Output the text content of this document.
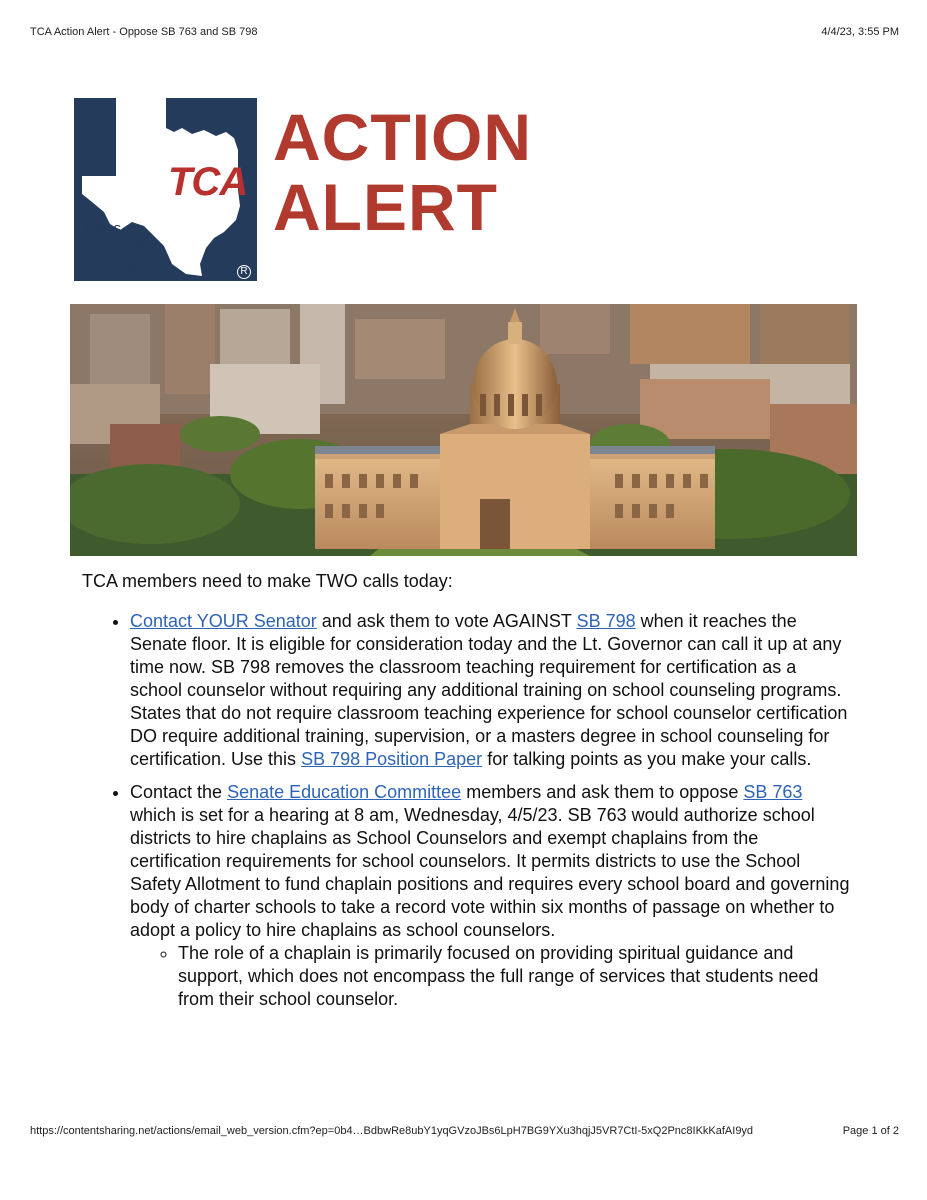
TCA Action Alert - Oppose SB 763 and SB 798	4/4/23, 3:55 PM
TCA
Texas
Counseling
Association	R
ACTION
ALERT

TCA members need to make TWO calls today:

• Contact YOUR Senator and ask them to vote AGAINST SB 798 when it reaches the Senate floor. It is eligible for consideration today and the Lt. Governor can call it up at any time now. SB 798 removes the classroom teaching requirement for certification as a school counselor without requiring any additional training on school counseling programs. States that do not require classroom teaching experience for school counselor certification DO require additional training, supervision, or a masters degree in school counseling for certification. Use this SB 798 Position Paper for talking points as you make your calls.
• Contact the Senate Education Committee members and ask them to oppose SB 763 which is set for a hearing at 8 am, Wednesday, 4/5/23. SB 763 would authorize school districts to hire chaplains as School Counselors and exempt chaplains from the certification requirements for school counselors. It permits districts to use the School Safety Allotment to fund chaplain positions and requires every school board and governing body of charter schools to take a record vote within six months of passage on whether to adopt a policy to hire chaplains as school counselors.
◦ The role of a chaplain is primarily focused on providing spiritual guidance and support, which does not encompass the full range of services that students need from their school counselor.
https://contentsharing.net/actions/email_web_version.cfm?ep=0b4…BdbwRe8ubY1yqGVzoJBs6LpH7BG9YXu3hqjJ5VR7CtI-5xQ2Pnc8IKkKafAI9yd	Page 1 of 2
